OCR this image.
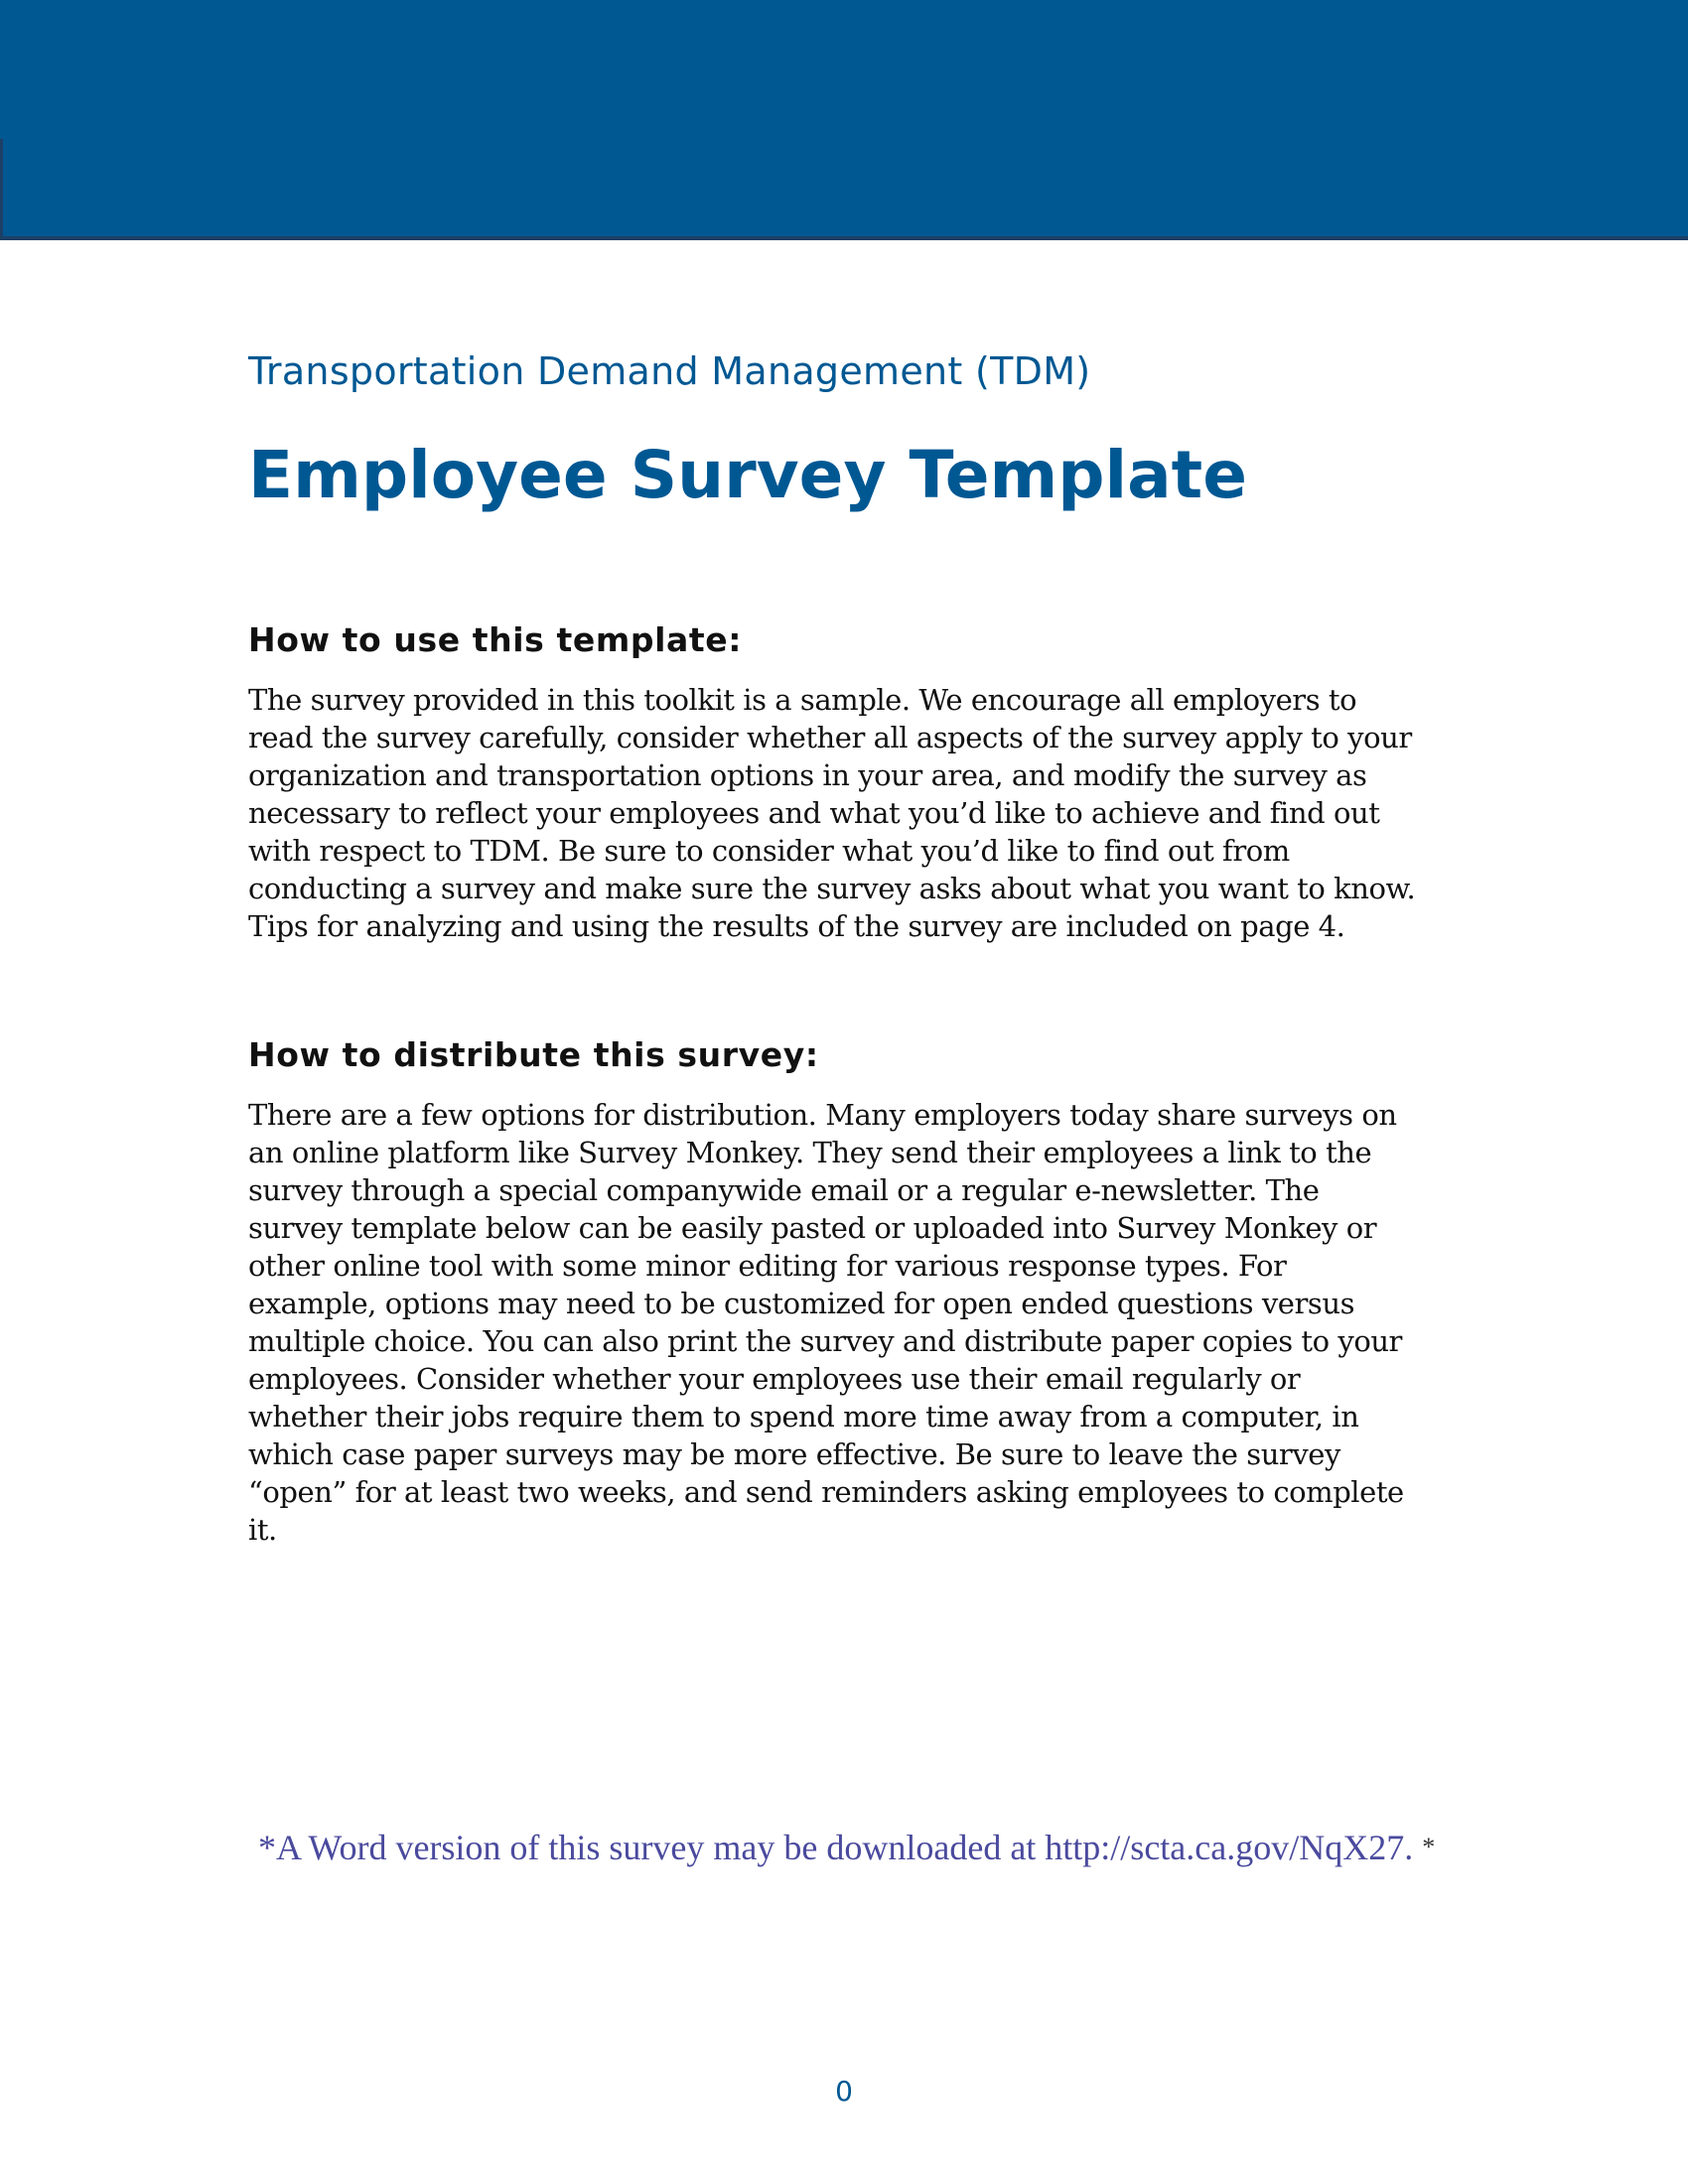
Transportation Demand Management (TDM)
Employee Survey Template
How to use this template:

The survey provided in this toolkit is a sample. We encourage all employers to
read the survey carefully, consider whether all aspects of the survey apply to your
organization and transportation options in your area, and modify the survey as
necessary to reflect your employees and what you’d like to achieve and find out
with respect to TDM. Be sure to consider what you’d like to find out from
conducting a survey and make sure the survey asks about what you want to know.
Tips for analyzing and using the results of the survey are included on page 4.

How to distribute this survey:

There are a few options for distribution. Many employers today share surveys on
an online platform like Survey Monkey. They send their employees a link to the
survey through a special companywide email or a regular e-newsletter. The
survey template below can be easily pasted or uploaded into Survey Monkey or
other online tool with some minor editing for various response types. For
example, options may need to be customized for open ended questions versus
multiple choice. You can also print the survey and distribute paper copies to your
employees. Consider whether your employees use their email regularly or
whether their jobs require them to spend more time away from a computer, in
which case paper surveys may be more effective. Be sure to leave the survey
“open” for at least two weeks, and send reminders asking employees to complete
it.

*A Word version of this survey may be downloaded at http://scta.ca.gov/NqX27. *
0
